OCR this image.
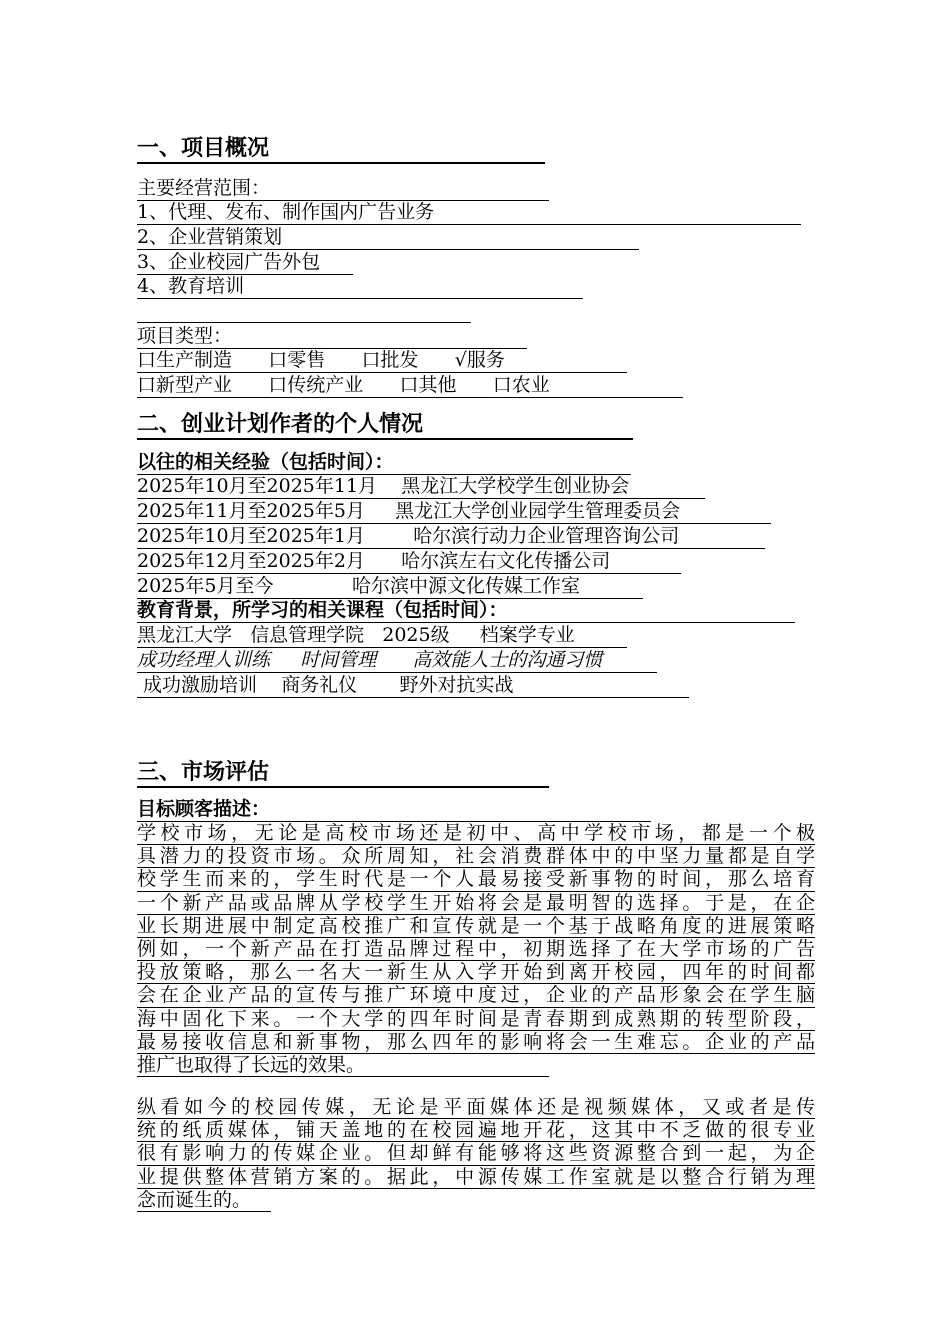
一、项目概况
主要经营范围：
1、代理、发布、制作国内广告业务
2、企业营销策划
3、企业校园广告外包
4、教育培训
项目类型：
口生产制造      口零售      口批发      √服务
口新型产业      口传统产业      口其他      口农业
二、创业计划作者的个人情况
以往的相关经验（包括时间）：
2025年10月至2025年11月    黑龙江大学校学生创业协会
2025年11月至2025年5月     黑龙江大学创业园学生管理委员会
2025年10月至2025年1月        哈尔滨行动力企业管理咨询公司
2025年12月至2025年2月      哈尔滨左右文化传播公司
2025年5月至今             哈尔滨中源文化传媒工作室
教育背景，所学习的相关课程（包括时间）：
黑龙江大学   信息管理学院   2025级     档案学专业
成功经理人训练     时间管理      高效能人士的沟通习惯
成功激励培训    商务礼仪       野外对抗实战
三、市场评估
目标顾客描述：
学校市场，无论是高校市场还是初中、高中学校市场，都是一个极
具潜力的投资市场。众所周知，社会消费群体中的中坚力量都是自学
校学生而来的，学生时代是一个人最易接受新事物的时间，那么培育
一个新产品或品牌从学校学生开始将会是最明智的选择。于是，在企
业长期进展中制定高校推广和宣传就是一个基于战略角度的进展策略
例如，一个新产品在打造品牌过程中，初期选择了在大学市场的广告
投放策略，那么一名大一新生从入学开始到离开校园，四年的时间都
会在企业产品的宣传与推广环境中度过，企业的产品形象会在学生脑
海中固化下来。一个大学的四年时间是青春期到成熟期的转型阶段，
最易接收信息和新事物，那么四年的影响将会一生难忘。企业的产品
推广也取得了长远的效果。
纵看如今的校园传媒，无论是平面媒体还是视频媒体，又或者是传
统的纸质媒体，铺天盖地的在校园遍地开花，这其中不乏做的很专业
很有影响力的传媒企业。但却鲜有能够将这些资源整合到一起，为企
业提供整体营销方案的。据此，中源传媒工作室就是以整合行销为理
念而诞生的。
